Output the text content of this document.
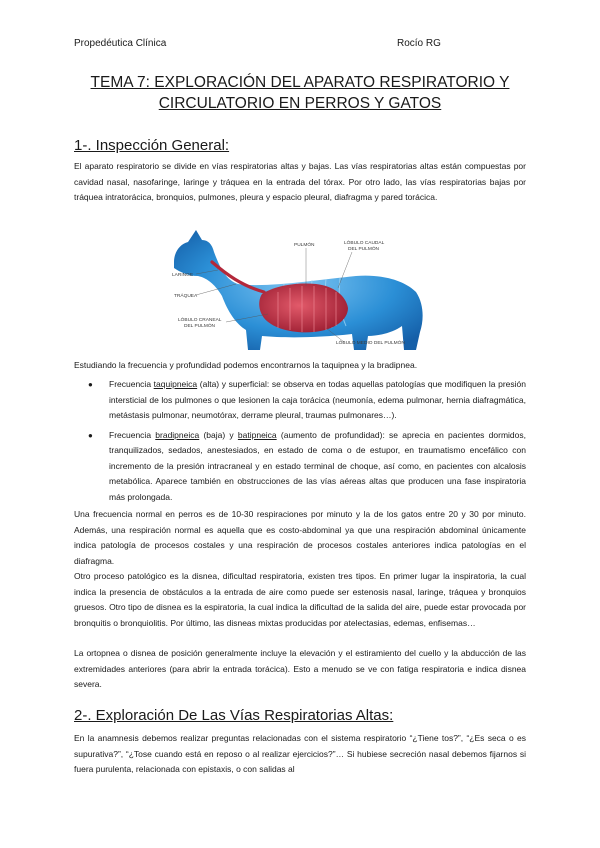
Propedéutica Clínica	Rocío RG
TEMA 7: EXPLORACIÓN DEL APARATO RESPIRATORIO Y
CIRCULATORIO EN PERROS Y GATOS
1-. Inspección General:

El aparato respiratorio se divide en vías respiratorias altas y bajas. Las vías respiratorias altas están compuestas por cavidad nasal, nasofaringe, laringe y tráquea en la entrada del tórax. Por otro lado, las vías respiratorias bajas por tráquea intratorácica, bronquios, pulmones, pleura y espacio pleural, diafragma y pared torácica.

PULMÓN	LÓBULO CAUDAL
DEL PULMÓN
LARINGE
TRÁQUEA
LÓBULO CRANEAL
DEL PULMÓN
LÓBULO MEDIO DEL PULMÓN

Estudiando la frecuencia y profundidad podemos encontrarnos la taquipnea y la bradipnea.

● Frecuencia taquipneica (alta) y superficial: se observa en todas aquellas patologías que modifiquen la presión intersticial de los pulmones o que lesionen la caja torácica (neumonía, edema pulmonar, hernia diafragmática, metástasis pulmonar, neumotórax, derrame pleural, traumas pulmonares…).
● Frecuencia bradipneica (baja) y batipneica (aumento de profundidad): se aprecia en pacientes dormidos, tranquilizados, sedados, anestesiados, en estado de coma o de estupor, en traumatismo encefálico con incremento de la presión intracraneal y en estado terminal de choque, así como, en pacientes con alcalosis metabólica. Aparece también en obstrucciones de las vías aéreas altas que producen una fase inspiratoria más prolongada.

Una frecuencia normal en perros es de 10-30 respiraciones por minuto y la de los gatos entre 20 y 30 por minuto. Además, una respiración normal es aquella que es costo-abdominal ya que una respiración abdominal únicamente indica patología de procesos costales y una respiración de procesos costales anteriores indica patologías en el diafragma.

Otro proceso patológico es la disnea, dificultad respiratoria, existen tres tipos. En primer lugar la inspiratoria, la cual indica la presencia de obstáculos a la entrada de aire como puede ser estenosis nasal, laringe, tráquea y bronquios gruesos. Otro tipo de disnea es la espiratoria, la cual indica la dificultad de la salida del aire, puede estar provocada por bronquitis o bronquiolitis. Por último, las disneas mixtas producidas por atelectasias, edemas, enfisemas…

La ortopnea o disnea de posición generalmente incluye la elevación y el estiramiento del cuello y la abducción de las extremidades anteriores (para abrir la entrada torácica). Esto a menudo se ve con fatiga respiratoria e indica disnea severa.

2-. Exploración De Las Vías Respiratorias Altas:

En la anamnesis debemos realizar preguntas relacionadas con el sistema respiratorio “¿Tiene tos?”, “¿Es seca o es supurativa?”, “¿Tose cuando está en reposo o al realizar ejercicios?”… Si hubiese secreción nasal debemos fijarnos si fuera purulenta, relacionada con epistaxis, o con salidas al
